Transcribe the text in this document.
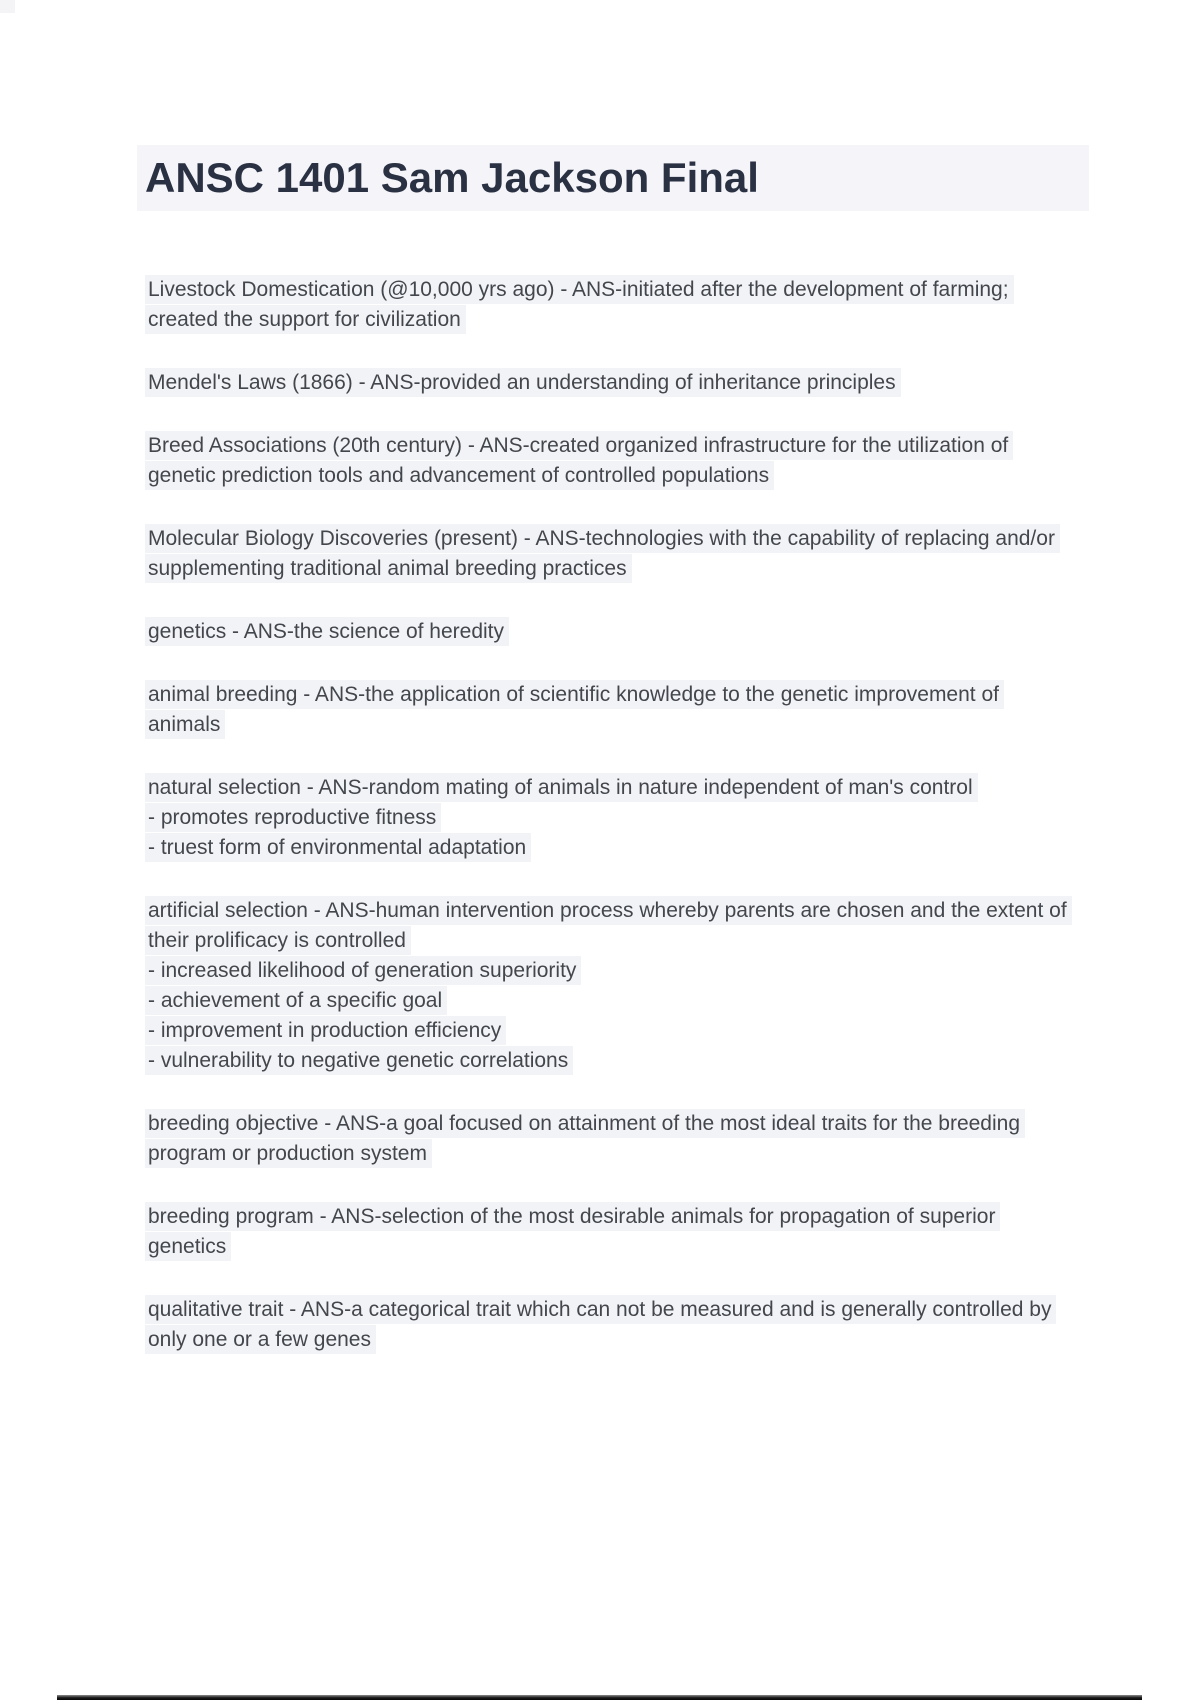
ANSC 1401 Sam Jackson Final

Livestock Domestication (@10,000 yrs ago) - ANS-initiated after the development of farming; created the support for civilization

Mendel's Laws (1866) - ANS-provided an understanding of inheritance principles

Breed Associations (20th century) - ANS-created organized infrastructure for the utilization of genetic prediction tools and advancement of controlled populations

Molecular Biology Discoveries (present) - ANS-technologies with the capability of replacing and/or supplementing traditional animal breeding practices

genetics - ANS-the science of heredity

animal breeding - ANS-the application of scientific knowledge to the genetic improvement of animals

natural selection - ANS-random mating of animals in nature independent of man's control
- promotes reproductive fitness
- truest form of environmental adaptation

artificial selection - ANS-human intervention process whereby parents are chosen and the extent of their prolificacy is controlled
- increased likelihood of generation superiority
- achievement of a specific goal
- improvement in production efficiency
- vulnerability to negative genetic correlations

breeding objective - ANS-a goal focused on attainment of the most ideal traits for the breeding program or production system

breeding program - ANS-selection of the most desirable animals for propagation of superior genetics

qualitative trait - ANS-a categorical trait which can not be measured and is generally controlled by only one or a few genes
